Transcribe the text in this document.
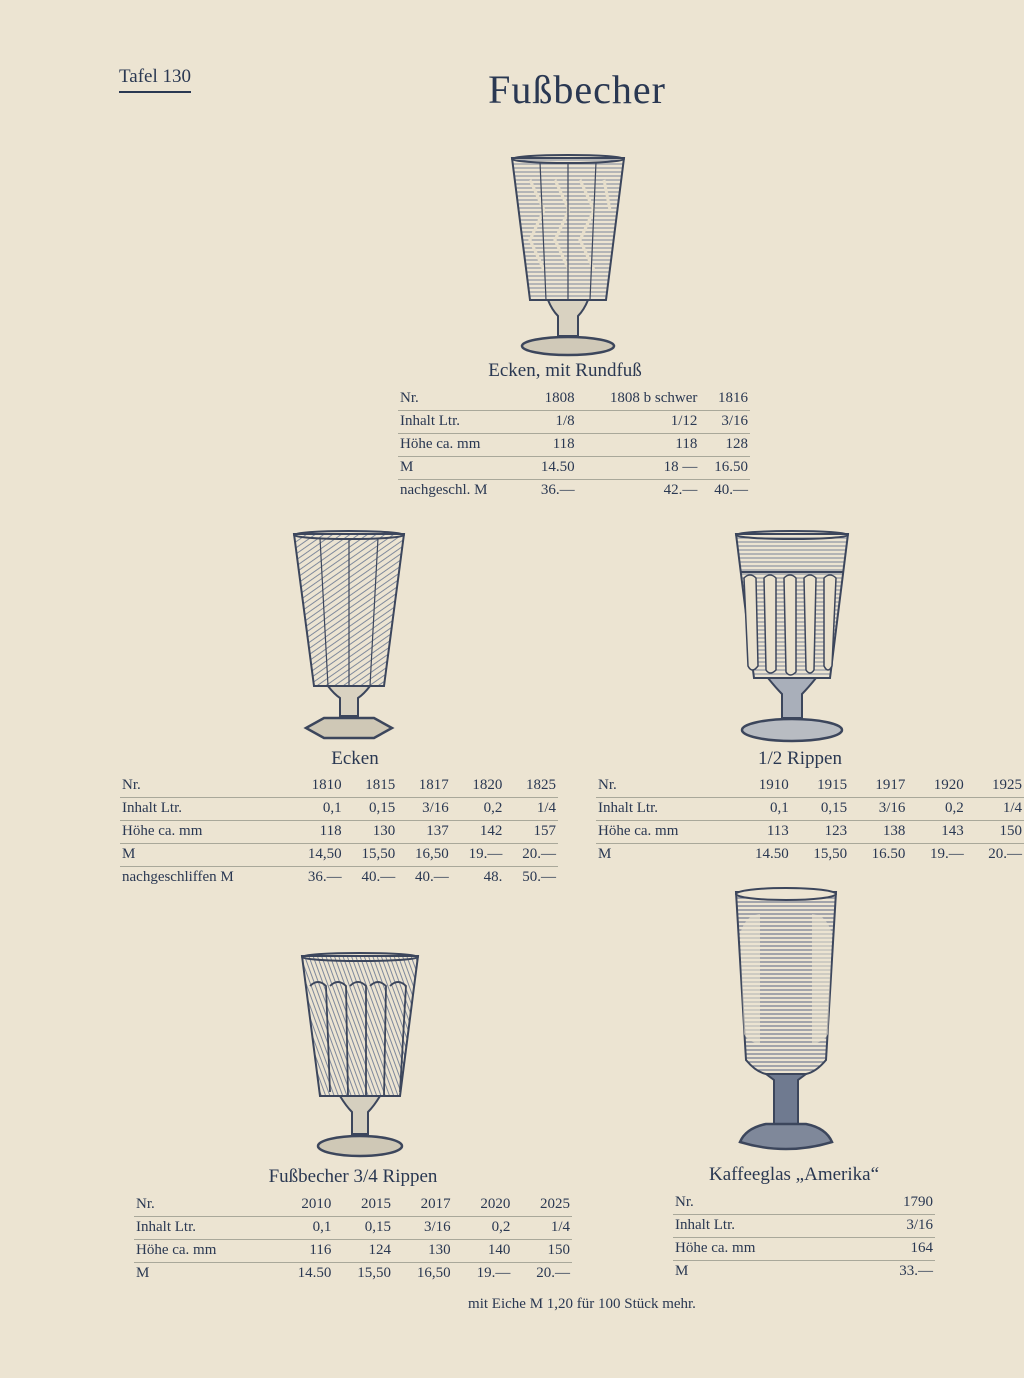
Tafel 130	Fußbecher
Ecken, mit Rundfuß
Nr.	1808	1808 b schwer	1816
Inhalt Ltr.	1/8	1/12	3/16
Höhe ca. mm	118	118	128
M	14.50	18 —	16.50
nachgeschl. M	36.—	42.—	40.—
Ecken
Nr.	1810	1815	1817	1820	1825
Inhalt Ltr.	0,1	0,15	3/16	0,2	1/4
Höhe ca. mm	118	130	137	142	157
M	14,50	15,50	16,50	19.—	20.—
nachgeschliffen M	36.—	40.—	40.—	48.	50.—
1/2 Rippen
Nr.	1910	1915	1917	1920	1925
Inhalt Ltr.	0,1	0,15	3/16	0,2	1/4
Höhe ca. mm	113	123	138	143	150
M	14.50	15,50	16.50	19.—	20.—
Fußbecher 3/4 Rippen
Nr.	2010	2015	2017	2020	2025
Inhalt Ltr.	0,1	0,15	3/16	0,2	1/4
Höhe ca. mm	116	124	130	140	150
M	14.50	15,50	16,50	19.—	20.—
Kaffeeglas „Amerika“
Nr.	1790
Inhalt Ltr.	3/16
Höhe ca. mm	164
M	33.—
mit Eiche M 1,20 für 100 Stück mehr.
